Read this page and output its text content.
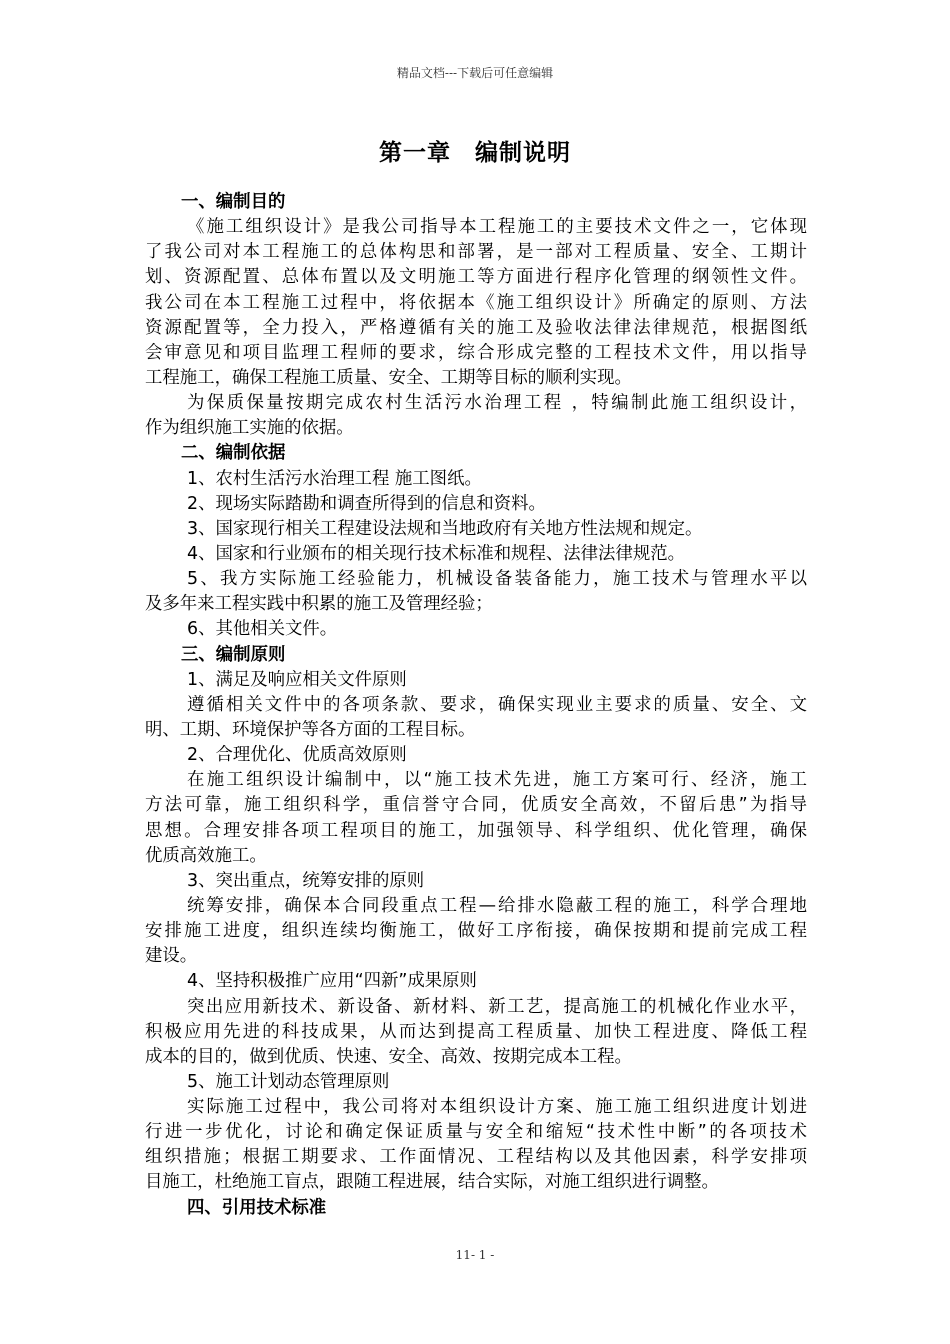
精品文档---下载后可任意编辑
第一章　编制说明
一、编制目的
《施工组织设计》是我公司指导本工程施工的主要技术文件之一，它体现
了我公司对本工程施工的总体构思和部署，是一部对工程质量、安全、工期计
划、资源配置、总体布置以及文明施工等方面进行程序化管理的纲领性文件。
我公司在本工程施工过程中，将依据本《施工组织设计》所确定的原则、方法
资源配置等，全力投入，严格遵循有关的施工及验收法律法律规范，根据图纸
会审意见和项目监理工程师的要求，综合形成完整的工程技术文件，用以指导
工程施工，确保工程施工质量、安全、工期等目标的顺利实现。
为保质保量按期完成农村生活污水治理工程 ，特编制此施工组织设计，
作为组织施工实施的依据。
二、编制依据
1、农村生活污水治理工程 施工图纸。
2、现场实际踏勘和调查所得到的信息和资料。
3、国家现行相关工程建设法规和当地政府有关地方性法规和规定。
4、国家和行业颁布的相关现行技术标准和规程、法律法律规范。
5、我方实际施工经验能力，机械设备装备能力，施工技术与管理水平以
及多年来工程实践中积累的施工及管理经验；
6、其他相关文件。
三、编制原则
1、满足及响应相关文件原则
遵循相关文件中的各项条款、要求，确保实现业主要求的质量、安全、文
明、工期、环境保护等各方面的工程目标。
2、合理优化、优质高效原则
在施工组织设计编制中，以“施工技术先进，施工方案可行、经济，施工
方法可靠，施工组织科学，重信誉守合同，优质安全高效，不留后患”为指导
思想。合理安排各项工程项目的施工，加强领导、科学组织、优化管理，确保
优质高效施工。
3、突出重点，统筹安排的原则
统筹安排，确保本合同段重点工程—给排水隐蔽工程的施工，科学合理地
安排施工进度，组织连续均衡施工，做好工序衔接，确保按期和提前完成工程
建设。
4、坚持积极推广应用“四新”成果原则
突出应用新技术、新设备、新材料、新工艺，提高施工的机械化作业水平，
积极应用先进的科技成果，从而达到提高工程质量、加快工程进度、降低工程
成本的目的，做到优质、快速、安全、高效、按期完成本工程。
5、施工计划动态管理原则
实际施工过程中，我公司将对本组织设计方案、施工施工组织进度计划进
行进一步优化，讨论和确定保证质量与安全和缩短“技术性中断”的各项技术
组织措施；根据工期要求、工作面情况、工程结构以及其他因素，科学安排项
目施工，杜绝施工盲点，跟随工程进展，结合实际，对施工组织进行调整。
四、引用技术标准
11- 1 -
